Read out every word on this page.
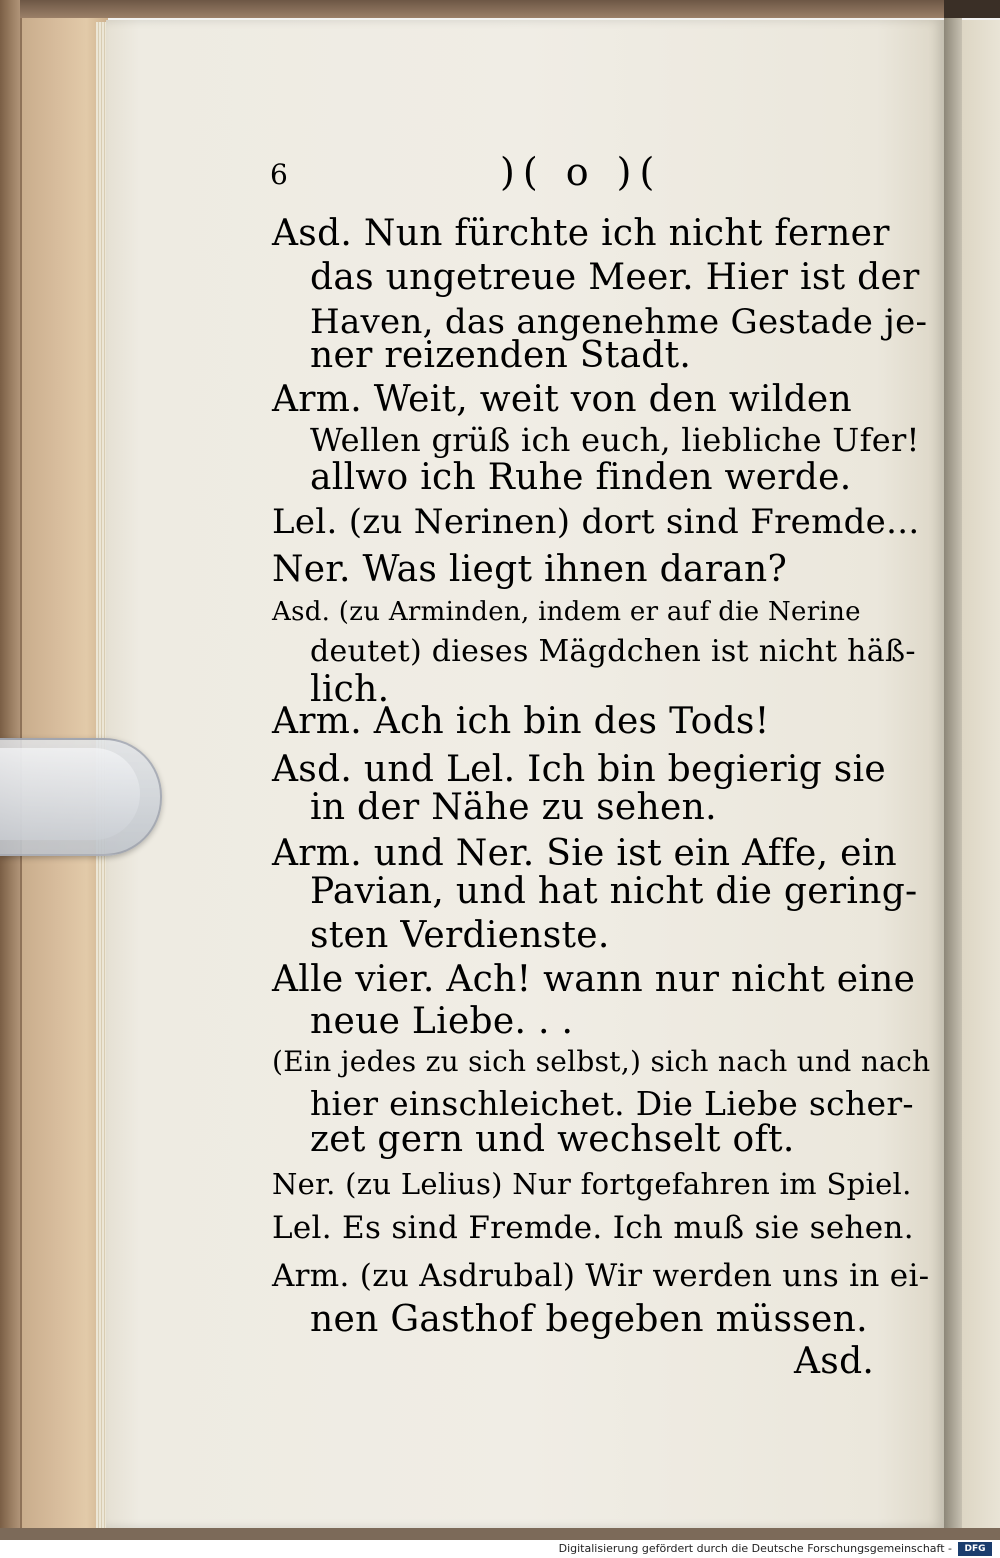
6	)( o )(
Asd. Nun fürchte ich nicht ferner
das ungetreue Meer. Hier ist der
Haven, das angenehme Gestade je-
ner reizenden Stadt.
Arm. Weit, weit von den wilden
Wellen grüß ich euch, liebliche Ufer!
allwo ich Ruhe finden werde.
Lel. (zu Nerinen) dort sind Fremde...
Ner. Was liegt ihnen daran?
Asd. (zu Arminden, indem er auf die Nerine
deutet) dieses Mägdchen ist nicht häß-
lich.
Arm. Ach ich bin des Tods!
Asd. und Lel. Ich bin begierig sie
in der Nähe zu sehen.
Arm. und Ner. Sie ist ein Affe, ein
Pavian, und hat nicht die gering-
sten Verdienste.
Alle vier. Ach! wann nur nicht eine
neue Liebe. . .
(Ein jedes zu sich selbst,) sich nach und nach
hier einschleichet. Die Liebe scher-
zet gern und wechselt oft.
Ner. (zu Lelius) Nur fortgefahren im Spiel.
Lel. Es sind Fremde. Ich muß sie sehen.
Arm. (zu Asdrubal) Wir werden uns in ei-
nen Gasthof begeben müssen.
Asd.
Digitalisierung gefördert durch die Deutsche Forschungsgemeinschaft -	DFG
